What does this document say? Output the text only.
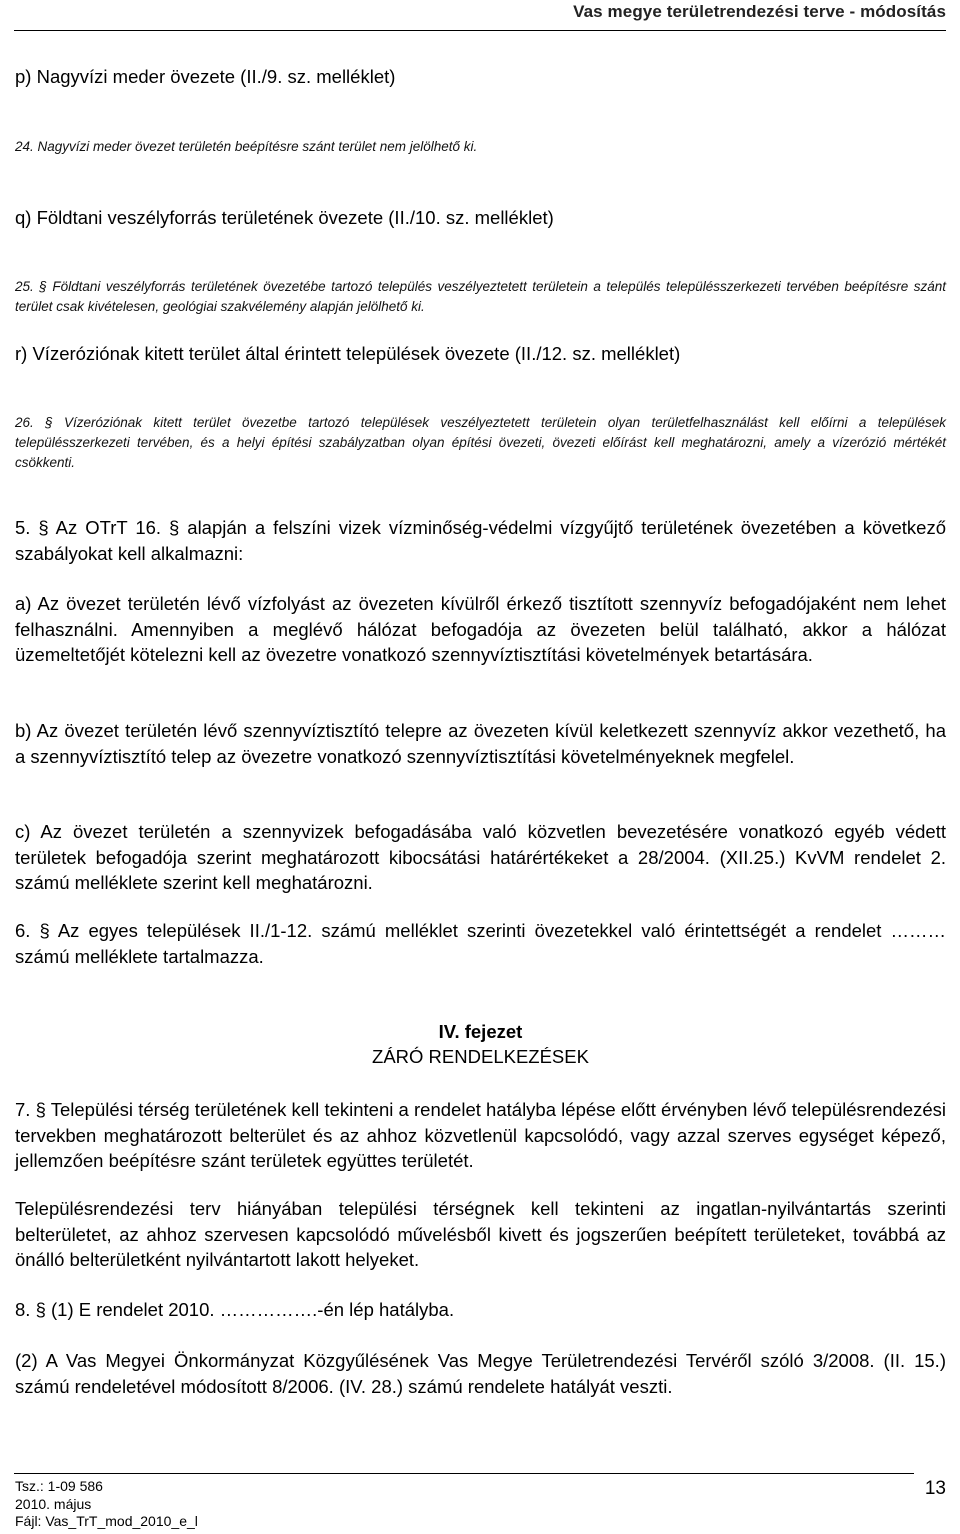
Vas megye területrendezési terve - módosítás

p) Nagyvízi meder övezete (II./9. sz. melléklet)

24. Nagyvízi meder övezet területén beépítésre szánt terület nem jelölhető ki.

q) Földtani veszélyforrás területének övezete (II./10. sz. melléklet)

25. § Földtani veszélyforrás területének övezetébe tartozó település veszélyeztetett területein a település településszerkezeti tervében beépítésre szánt terület csak kivételesen, geológiai szakvélemény alapján jelölhető ki.

r) Vízeróziónak kitett terület által érintett települések övezete (II./12. sz. melléklet)

26. § Vízeróziónak kitett terület övezetbe tartozó települések veszélyeztetett területein olyan területfelhasználást kell előírni a települések településszerkezeti tervében, és a helyi építési szabályzatban olyan építési övezeti, övezeti előírást kell meghatározni, amely a vízerózió mértékét csökkenti.

5. § Az OTrT 16. § alapján a felszíni vizek vízminőség-védelmi vízgyűjtő területének övezetében a következő szabályokat kell alkalmazni:

a) Az övezet területén lévő vízfolyást az övezeten kívülről érkező tisztított szennyvíz befogadójaként nem lehet felhasználni. Amennyiben a meglévő hálózat befogadója az övezeten belül található, akkor a hálózat üzemeltetőjét kötelezni kell az övezetre vonatkozó szennyvíztisztítási követelmények betartására.

b) Az övezet területén lévő szennyvíztisztító telepre az övezeten kívül keletkezett szennyvíz akkor vezethető, ha a szennyvíztisztító telep az övezetre vonatkozó szennyvíztisztítási követelményeknek megfelel.

c) Az övezet területén a szennyvizek befogadásába való közvetlen bevezetésére vonatkozó egyéb védett területek befogadója szerint meghatározott kibocsátási határértékeket a 28/2004. (XII.25.) KvVM rendelet 2. számú melléklete szerint kell meghatározni.

6. § Az egyes települések II./1-12. számú melléklet szerinti övezetekkel való érintettségét a rendelet ……… számú melléklete tartalmazza.

IV. fejezet

ZÁRÓ RENDELKEZÉSEK

7. § Települési térség területének kell tekinteni a rendelet hatályba lépése előtt érvényben lévő településrendezési tervekben meghatározott belterület és az ahhoz közvetlenül kapcsolódó, vagy azzal szerves egységet képező, jellemzően beépítésre szánt területek együttes területét.

Településrendezési terv hiányában települési térségnek kell tekinteni az ingatlan-nyilvántartás szerinti belterületet, az ahhoz szervesen kapcsolódó művelésből kivett és jogszerűen beépített területeket, továbbá az önálló belterületként nyilvántartott lakott helyeket.

8. § (1) E rendelet 2010. …………….-én lép hatályba.

(2) A Vas Megyei Önkormányzat Közgyűlésének Vas Megye Területrendezési Tervéről szóló 3/2008. (II. 15.) számú rendeletével módosított 8/2006. (IV. 28.) számú rendelete hatályát veszti.

Tsz.: 1-09 586
2010. május
Fájl: Vas_TrT_mod_2010_e_l
13
